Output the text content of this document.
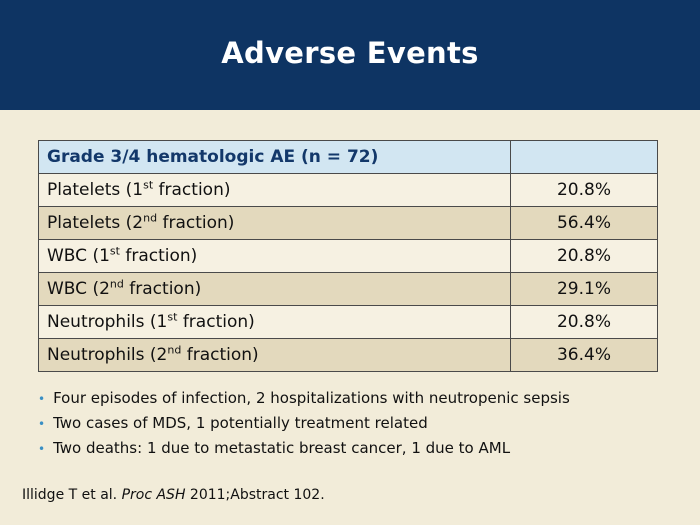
Adverse Events
Grade 3/4 hematologic AE (n = 72)	
Platelets (1st fraction)	20.8%
Platelets (2nd fraction)	56.4%
WBC (1st fraction)	20.8%
WBC (2nd fraction)	29.1%
Neutrophils (1st fraction)	20.8%
Neutrophils (2nd fraction)	36.4%
• Four episodes of infection, 2 hospitalizations with neutropenic sepsis
• Two cases of MDS, 1 potentially treatment related
• Two deaths: 1 due to metastatic breast cancer, 1 due to AML
Illidge T et al. Proc ASH 2011;Abstract 102.
